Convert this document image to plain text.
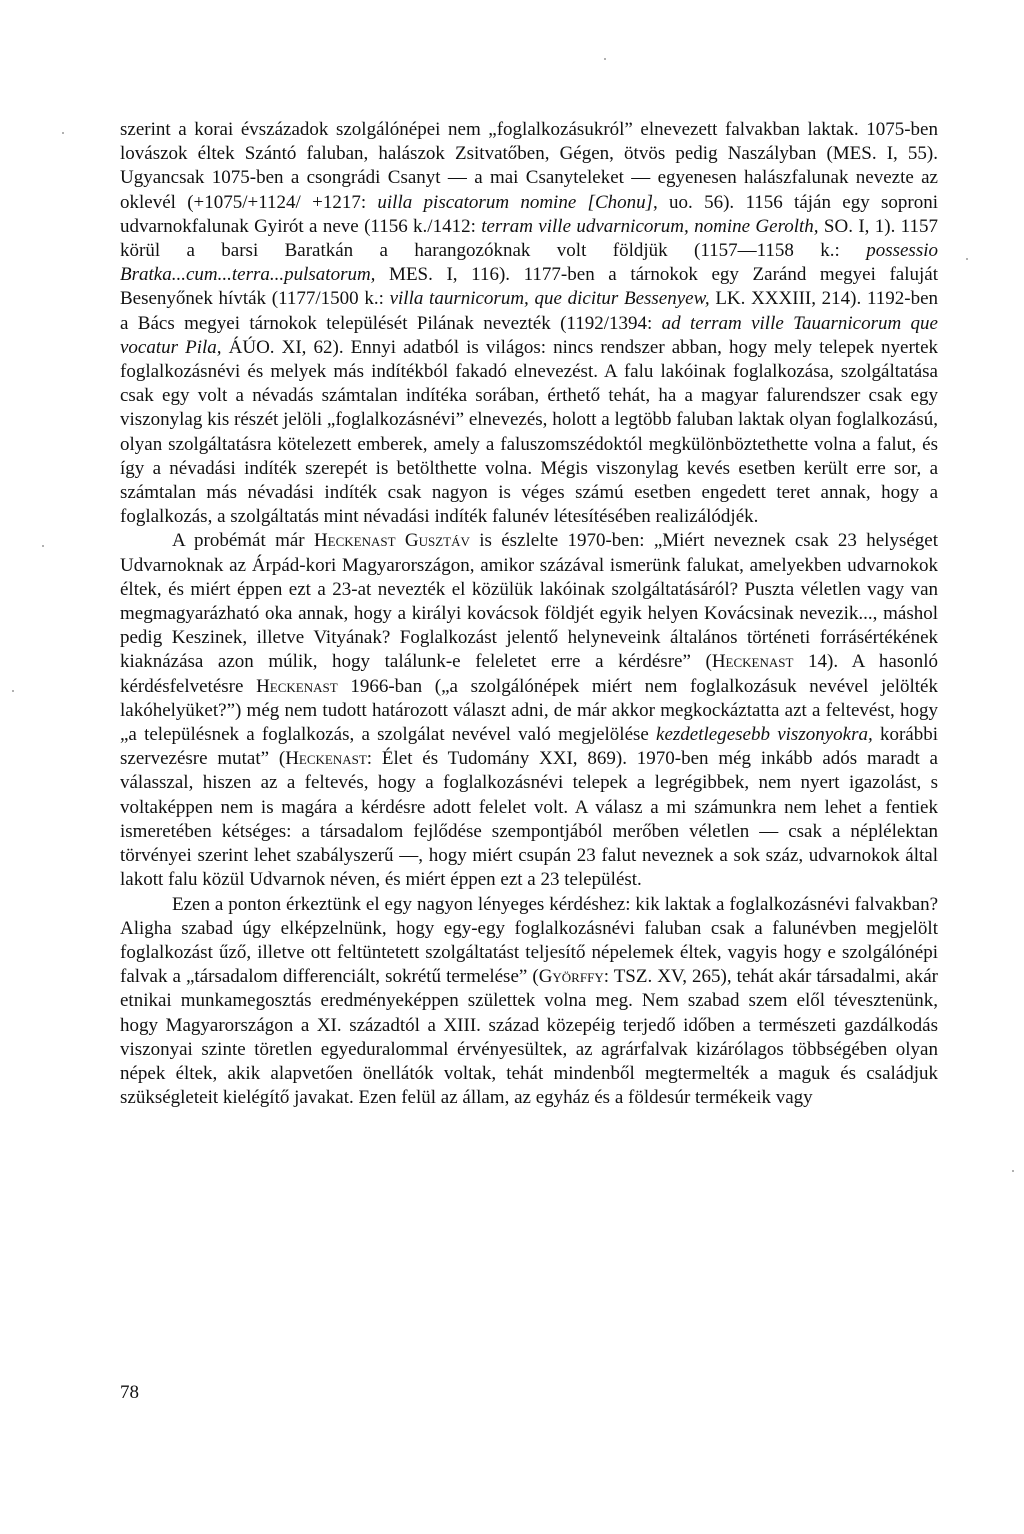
szerint a korai évszázadok szolgálónépei nem „foglalkozásukról” elnevezett falvakban laktak. 1075-ben lovászok éltek Szántó faluban, halászok Zsitvatőben, Gégen, ötvös pedig Naszályban (MES. I, 55). Ugyancsak 1075-ben a csongrádi Csanyt — a mai Csanyteleket — egyenesen halászfalunak nevezte az oklevél (+1075/+1124/ +1217: uilla piscatorum nomine [Chonu], uo. 56). 1156 táján egy soproni udvarnokfalunak Gyirót a neve (1156 k./1412: terram ville udvarnicorum, nomine Gerolth, SO. I, 1). 1157 körül a barsi Baratkán a harangozóknak volt földjük (1157—1158 k.: possessio Bratka...cum...terra...pulsatorum, MES. I, 116). 1177-ben a tárnokok egy Zaránd megyei faluját Besenyőnek hívták (1177/1500 k.: villa taurnicorum, que dicitur Bessenyew, LK. XXXIII, 214). 1192-ben a Bács megyei tárnokok települését Pilának nevezték (1192/1394: ad terram ville Tauarnicorum que vocatur Pila, ÁÚO. XI, 62). Ennyi adatból is világos: nincs rendszer abban, hogy mely telepek nyertek foglalkozásnévi és melyek más indítékból fakadó elnevezést. A falu lakóinak foglalkozása, szolgáltatása csak egy volt a névadás számtalan indítéka sorában, érthető tehát, ha a magyar falurendszer csak egy viszonylag kis részét jelöli „foglalkozásnévi” elnevezés, holott a legtöbb faluban laktak olyan foglalkozású, olyan szolgáltatásra kötelezett emberek, amely a faluszomszédoktól megkülönböztethette volna a falut, és így a névadási indíték szerepét is betölthette volna. Mégis viszonylag kevés esetben került erre sor, a számtalan más névadási indíték csak nagyon is véges számú esetben engedett teret annak, hogy a foglalkozás, a szolgáltatás mint névadási indíték falunév létesítésében realizálódjék.

A probémát már Heckenast Gusztáv is észlelte 1970-ben: „Miért neveznek csak 23 helységet Udvarnoknak az Árpád-kori Magyarországon, amikor százával ismerünk falukat, amelyekben udvarnokok éltek, és miért éppen ezt a 23-at nevezték el közülük lakóinak szolgáltatásáról? Puszta véletlen vagy van megmagyarázható oka annak, hogy a királyi kovácsok földjét egyik helyen Kovácsinak nevezik..., máshol pedig Keszinek, illetve Vityának? Foglalkozást jelentő helyneveink általános történeti forrásértékének kiaknázása azon múlik, hogy találunk-e feleletet erre a kérdésre” (Heckenast 14). A hasonló kérdésfelvetésre Heckenast 1966-ban („a szolgálónépek miért nem foglalkozásuk nevével jelölték lakóhelyüket?”) még nem tudott határozott választ adni, de már akkor megkockáztatta azt a feltevést, hogy „a településnek a foglalkozás, a szolgálat nevével való megjelölése kezdetlegesebb viszonyokra, korábbi szervezésre mutat” (Heckenast: Élet és Tudomány XXI, 869). 1970-ben még inkább adós maradt a válasszal, hiszen az a feltevés, hogy a foglalkozásnévi telepek a legrégibbek, nem nyert igazolást, s voltaképpen nem is magára a kérdésre adott felelet volt. A válasz a mi számunkra nem lehet a fentiek ismeretében kétséges: a társadalom fejlődése szempontjából merőben véletlen — csak a néplélektan törvényei szerint lehet szabályszerű —, hogy miért csupán 23 falut neveznek a sok száz, udvarnokok által lakott falu közül Udvarnok néven, és miért éppen ezt a 23 települést.

Ezen a ponton érkeztünk el egy nagyon lényeges kérdéshez: kik laktak a foglalkozásnévi falvakban? Aligha szabad úgy elképzelnünk, hogy egy-egy foglalkozásnévi faluban csak a falunévben megjelölt foglalkozást űző, illetve ott feltüntetett szolgáltatást teljesítő népelemek éltek, vagyis hogy e szolgálónépi falvak a „társadalom differenciált, sokrétű termelése” (Györffy: TSZ. XV, 265), tehát akár társadalmi, akár etnikai munkamegosztás eredményeképpen születtek volna meg. Nem szabad szem elől tévesztenünk, hogy Magyarországon a XI. századtól a XIII. század közepéig terjedő időben a természeti gazdálkodás viszonyai szinte töretlen egyeduralommal érvényesültek, az agrárfalvak kizárólagos többségében olyan népek éltek, akik alapvetően önellátók voltak, tehát mindenből megtermelték a maguk és családjuk szükségleteit kielégítő javakat. Ezen felül az állam, az egyház és a földesúr termékeik vagy

78
